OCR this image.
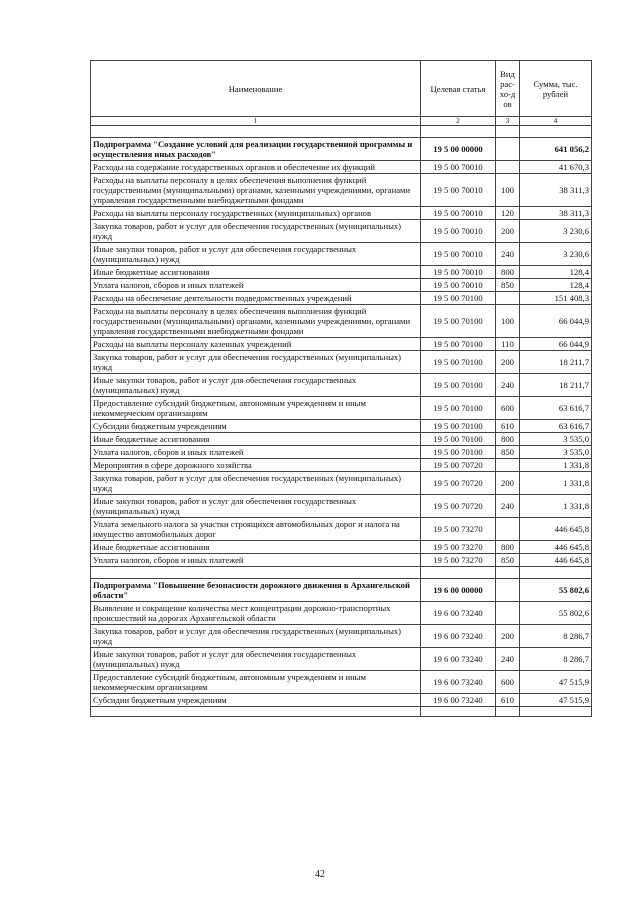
Наименование	Целевая статья	Вид рас-хо-дов	Сумма, тыс. рублей
1	2	3	4

Подпрограмма "Создание условий для реализации государственной программы и осуществления иных расходов"	19 5 00 00000		641 056,2
Расходы на содержание государственных органов и обеспечение их функций	19 5 00 70010		41 670,3
Расходы на выплаты персоналу в целях обеспечения выполнения функций государственными (муниципальными) органами, казенными учреждениями, органами управления государственными внебюджетными фондами	19 5 00 70010	100	38 311,3
Расходы на выплаты персоналу государственных (муниципальных) органов	19 5 00 70010	120	38 311,3
Закупка товаров, работ и услуг для обеспечения государственных (муниципальных) нужд	19 5 00 70010	200	3 230,6
Иные закупки товаров, работ и услуг для обеспечения государственных (муниципальных) нужд	19 5 00 70010	240	3 230,6
Иные бюджетные ассигнования	19 5 00 70010	800	128,4
Уплата налогов, сборов и иных платежей	19 5 00 70010	850	128,4
Расходы на обеспечение деятельности подведомственных учреждений	19 5 00 70100		151 408,3
Расходы на выплаты персоналу в целях обеспечения выполнения функций государственными (муниципальными) органами, казенными учреждениями, органами управления государственными внебюджетными фондами	19 5 00 70100	100	66 044,9
Расходы на выплаты персоналу казенных учреждений	19 5 00 70100	110	66 044,9
Закупка товаров, работ и услуг для обеспечения государственных (муниципальных) нужд	19 5 00 70100	200	18 211,7
Иные закупки товаров, работ и услуг для обеспечения государственных (муниципальных) нужд	19 5 00 70100	240	18 211,7
Предоставление субсидий бюджетным, автономным учреждениям и иным некоммерческим организациям	19 5 00 70100	600	63 616,7
Субсидии бюджетным учреждениям	19 5 00 70100	610	63 616,7
Иные бюджетные ассигнования	19 5 00 70100	800	3 535,0
Уплата налогов, сборов и иных платежей	19 5 00 70100	850	3 535,0
Мероприятия в сфере дорожного хозяйства	19 5 00 70720		1 331,8
Закупка товаров, работ и услуг для обеспечения государственных (муниципальных) нужд	19 5 00 70720	200	1 331,8
Иные закупки товаров, работ и услуг для обеспечения государственных (муниципальных) нужд	19 5 00 70720	240	1 331,8
Уплата земельного налога за участки строящихся автомобильных дорог и налога на имущество автомобильных дорог	19 5 00 73270		446 645,8
Иные бюджетные ассигнования	19 5 00 73270	800	446 645,8
Уплата налогов, сборов и иных платежей	19 5 00 73270	850	446 645,8

Подпрограмма "Повышение безопасности дорожного движения в Архангельской области"	19 6 00 00000		55 802,6
Выявление и сокращение количества мест концентрации дорожно-транспортных происшествий на дорогах Архангельской области	19 6 00 73240		55 802,6
Закупка товаров, работ и услуг для обеспечения государственных (муниципальных) нужд	19 6 00 73240	200	8 286,7
Иные закупки товаров, работ и услуг для обеспечения государственных (муниципальных) нужд	19 6 00 73240	240	8 286,7
Предоставление субсидий бюджетным, автономным учреждениям и иным некоммерческим организациям	19 6 00 73240	600	47 515,9
Субсидии бюджетным учреждениям	19 6 00 73240	610	47 515,9

42
